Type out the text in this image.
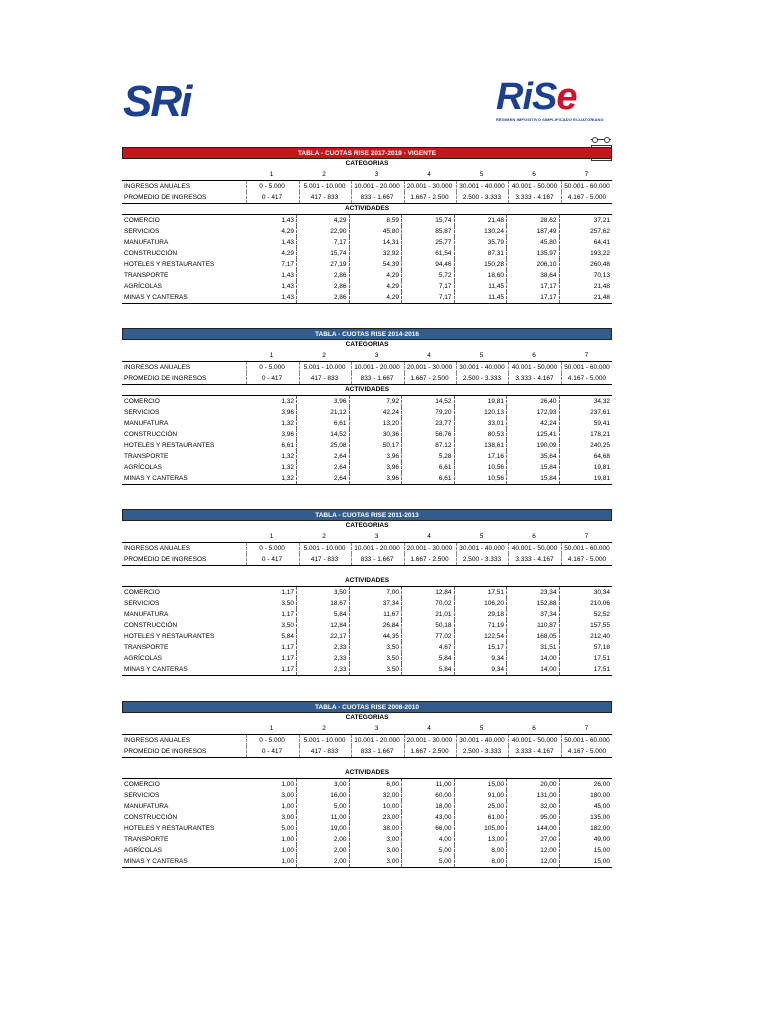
SRi	RiSe
RÉGIMEN IMPOSITIVO SIMPLIFICADO ECUATORIANO
TABLA - CUOTAS RISE 2017-2019 - VIGENTE
CATEGORIAS
1	2	3	4	5	6	7
INGRESOS ANUALES	0 - 5.000	5.001 - 10.000	10.001 - 20.000	20.001 - 30.000	30.001 - 40.000	40.001 - 50.000	50.001 - 60.000
PROMEDIO DE INGRESOS	0 - 417	417 - 833	833 - 1.667	1.667 - 2.500	2.500 - 3.333	3.333 - 4.167	4.167 - 5.000
ACTIVIDADES
COMERCIO	1,43	4,29	8,59	15,74	21,48	28,62	37,21
SERVICIOS	4,29	22,90	45,80	85,87	130,24	187,49	257,62
MANUFATURA	1,43	7,17	14,31	25,77	35,79	45,80	64,41
CONSTRUCCIÓN	4,29	15,74	32,92	61,54	87,31	135,97	193,22
HOTELES Y RESTAURANTES	7,17	27,19	54,39	94,46	150,28	206,10	260,48
TRANSPORTE	1,43	2,86	4,29	5,72	18,60	38,64	70,13
AGRÍCOLAS	1,43	2,86	4,29	7,17	11,45	17,17	21,48
MINAS Y CANTERAS	1,43	2,86	4,29	7,17	11,45	17,17	21,48
TABLA - CUOTAS RISE 2014-2016
CATEGORIAS
1	2	3	4	5	6	7
INGRESOS ANUALES	0 - 5.000	5.001 - 10.000	10.001 - 20.000	20.001 - 30.000	30.001 - 40.000	40.001 - 50.000	50.001 - 60.000
PROMEDIO DE INGRESOS	0 - 417	417 - 833	833 - 1.667	1.667 - 2.500	2.500 - 3.333	3.333 - 4.167	4.167 - 5.000
ACTIVIDADES
COMERCIO	1,32	3,96	7,92	14,52	19,81	26,40	34,32
SERVICIOS	3,96	21,12	42,24	79,20	120,13	172,93	237,61
MANUFATURA	1,32	6,61	13,20	23,77	33,01	42,24	59,41
CONSTRUCCIÓN	3,96	14,52	30,36	56,76	80,53	125,41	178,21
HOTELES Y RESTAURANTES	6,61	25,08	50,17	87,12	138,61	190,09	240,25
TRANSPORTE	1,32	2,64	3,96	5,28	17,16	35,64	64,68
AGRÍCOLAS	1,32	2,64	3,96	6,61	10,56	15,84	19,81
MINAS Y CANTERAS	1,32	2,64	3,96	6,61	10,56	15,84	19,81
TABLA - CUOTAS RISE 2011-2013
CATEGORIAS
1	2	3	4	5	6	7
INGRESOS ANUALES	0 - 5.000	5.001 - 10.000	10.001 - 20.000	20.001 - 30.000	30.001 - 40.000	40.001 - 50.000	50.001 - 60.000
PROMEDIO DE INGRESOS	0 - 417	417 - 833	833 - 1.667	1.667 - 2.500	2.500 - 3.333	3.333 - 4.167	4.167 - 5.000
ACTIVIDADES
COMERCIO	1,17	3,50	7,00	12,84	17,51	23,34	30,34
SERVICIOS	3,50	18,67	37,34	70,02	106,20	152,88	210,06
MANUFATURA	1,17	5,84	11,67	21,01	29,18	37,34	52,52
CONSTRUCCIÓN	3,50	12,84	26,84	50,18	71,19	110,87	157,55
HOTELES Y RESTAURANTES	5,84	22,17	44,35	77,02	122,54	168,05	212,40
TRANSPORTE	1,17	2,33	3,50	4,67	15,17	31,51	57,18
AGRÍCOLAS	1,17	2,33	3,50	5,84	9,34	14,00	17,51
MINAS Y CANTERAS	1,17	2,33	3,50	5,84	9,34	14,00	17,51
TABLA - CUOTAS RISE 2008-2010
CATEGORIAS
1	2	3	4	5	6	7
INGRESOS ANUALES	0 - 5.000	5.001 - 10.000	10.001 - 20.000	20.001 - 30.000	30.001 - 40.000	40.001 - 50.000	50.001 - 60.000
PROMEDIO DE INGRESOS	0 - 417	417 - 833	833 - 1.667	1.667 - 2.500	2.500 - 3.333	3.333 - 4.167	4.167 - 5.000
ACTIVIDADES
COMERCIO	1,00	3,00	6,00	11,00	15,00	20,00	26,00
SERVICIOS	3,00	16,00	32,00	60,00	91,00	131,00	180,00
MANUFATURA	1,00	5,00	10,00	18,00	25,00	32,00	45,00
CONSTRUCCIÓN	3,00	11,00	23,00	43,00	61,00	95,00	135,00
HOTELES Y RESTAURANTES	5,00	19,00	38,00	66,00	105,00	144,00	182,00
TRANSPORTE	1,00	2,00	3,00	4,00	13,00	27,00	49,00
AGRÍCOLAS	1,00	2,00	3,00	5,00	8,00	12,00	15,00
MINAS Y CANTERAS	1,00	2,00	3,00	5,00	8,00	12,00	15,00
